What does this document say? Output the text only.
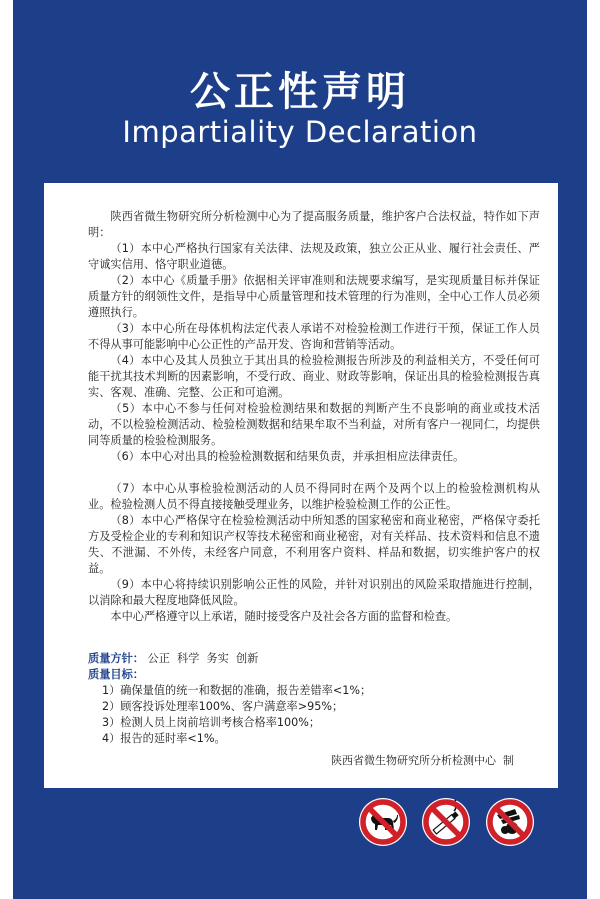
公正性声明
Impartiality Declaration

陕西省微生物研究所分析检测中心为了提高服务质量，维护客户合法权益，特作如下声明：

（1）本中心严格执行国家有关法律、法规及政策，独立公正从业、履行社会责任、严守诚实信用、恪守职业道德。

（2）本中心《质量手册》依据相关评审准则和法规要求编写，是实现质量目标并保证质量方针的纲领性文件，是指导中心质量管理和技术管理的行为准则，全中心工作人员必须遵照执行。

（3）本中心所在母体机构法定代表人承诺不对检验检测工作进行干预，保证工作人员不得从事可能影响中心公正性的产品开发、咨询和营销等活动。

（4）本中心及其人员独立于其出具的检验检测报告所涉及的利益相关方，不受任何可能干扰其技术判断的因素影响，不受行政、商业、财政等影响，保证出具的检验检测报告真实、客观、准确、完整、公正和可追溯。

（5）本中心不参与任何对检验检测结果和数据的判断产生不良影响的商业或技术活动，不以检验检测活动、检验检测数据和结果牟取不当利益，对所有客户一视同仁，均提供同等质量的检验检测服务。

（6）本中心对出具的检验检测数据和结果负责，并承担相应法律责任。

（7）本中心从事检验检测活动的人员不得同时在两个及两个以上的检验检测机构从业。检验检测人员不得直接接触受理业务，以维护检验检测工作的公正性。

（8）本中心严格保守在检验检测活动中所知悉的国家秘密和商业秘密，严格保守委托方及受检企业的专利和知识产权等技术秘密和商业秘密，对有关样品、技术资料和信息不遗失、不泄漏、不外传，未经客户同意，不利用客户资料、样品和数据，切实维护客户的权益。

（9）本中心将持续识别影响公正性的风险，并针对识别出的风险采取措施进行控制，以消除和最大程度地降低风险。

本中心严格遵守以上承诺，随时接受客户及社会各方面的监督和检查。

质量方针： 公正  科学  务实  创新
质量目标：
1）确保量值的统一和数据的准确，报告差错率<1%；
2）顾客投诉处理率100%、客户满意率>95%；
3）检测人员上岗前培训考核合格率100%；
4）报告的延时率<1%。
陕西省微生物研究所分析检测中心  制
